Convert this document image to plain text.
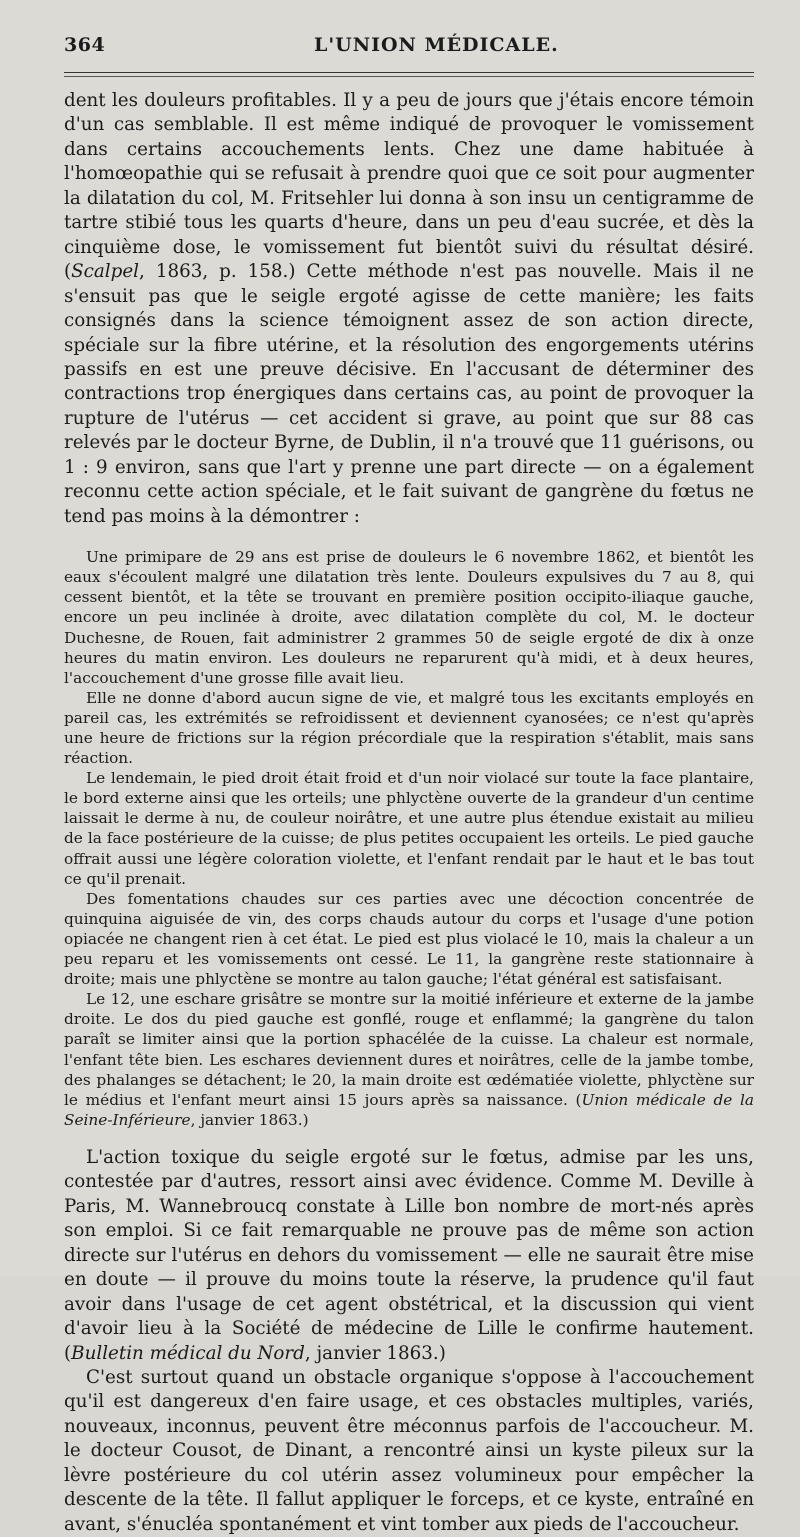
364	L'UNION MÉDICALE.

dent les douleurs profitables. Il y a peu de jours que j'étais encore témoin d'un cas semblable. Il est même indiqué de provoquer le vomissement dans certains accouchements lents. Chez une dame habituée à l'homœopathie qui se refusait à prendre quoi que ce soit pour augmenter la dilatation du col, M. Fritsehler lui donna à son insu un centigramme de tartre stibié tous les quarts d'heure, dans un peu d'eau sucrée, et dès la cinquième dose, le vomissement fut bientôt suivi du résultat désiré. (Scalpel, 1863, p. 158.) Cette méthode n'est pas nouvelle. Mais il ne s'ensuit pas que le seigle ergoté agisse de cette manière; les faits consignés dans la science témoignent assez de son action directe, spéciale sur la fibre utérine, et la résolution des engorgements utérins passifs en est une preuve décisive. En l'accusant de déterminer des contractions trop énergiques dans certains cas, au point de provoquer la rupture de l'utérus — cet accident si grave, au point que sur 88 cas relevés par le docteur Byrne, de Dublin, il n'a trouvé que 11 guérisons, ou 1 : 9 environ, sans que l'art y prenne une part directe — on a également reconnu cette action spéciale, et le fait suivant de gangrène du fœtus ne tend pas moins à la démontrer :

Une primipare de 29 ans est prise de douleurs le 6 novembre 1862, et bientôt les eaux s'écoulent malgré une dilatation très lente. Douleurs expulsives du 7 au 8, qui cessent bientôt, et la tête se trouvant en première position occipito-iliaque gauche, encore un peu inclinée à droite, avec dilatation complète du col, M. le docteur Duchesne, de Rouen, fait administrer 2 grammes 50 de seigle ergoté de dix à onze heures du matin environ. Les douleurs ne reparurent qu'à midi, et à deux heures, l'accouchement d'une grosse fille avait lieu.

Elle ne donne d'abord aucun signe de vie, et malgré tous les excitants employés en pareil cas, les extrémités se refroidissent et deviennent cyanosées; ce n'est qu'après une heure de frictions sur la région précordiale que la respiration s'établit, mais sans réaction.

Le lendemain, le pied droit était froid et d'un noir violacé sur toute la face plantaire, le bord externe ainsi que les orteils; une phlyctène ouverte de la grandeur d'un centime laissait le derme à nu, de couleur noirâtre, et une autre plus étendue existait au milieu de la face postérieure de la cuisse; de plus petites occupaient les orteils. Le pied gauche offrait aussi une légère coloration violette, et l'enfant rendait par le haut et le bas tout ce qu'il prenait.

Des fomentations chaudes sur ces parties avec une décoction concentrée de quinquina aiguisée de vin, des corps chauds autour du corps et l'usage d'une potion opiacée ne changent rien à cet état. Le pied est plus violacé le 10, mais la chaleur a un peu reparu et les vomissements ont cessé. Le 11, la gangrène reste stationnaire à droite; mais une phlyctène se montre au talon gauche; l'état général est satisfaisant.

Le 12, une eschare grisâtre se montre sur la moitié inférieure et externe de la jambe droite. Le dos du pied gauche est gonflé, rouge et enflammé; la gangrène du talon paraît se limiter ainsi que la portion sphacélée de la cuisse. La chaleur est normale, l'enfant tête bien. Les eschares deviennent dures et noirâtres, celle de la jambe tombe, des phalanges se détachent; le 20, la main droite est œdématiée violette, phlyctène sur le médius et l'enfant meurt ainsi 15 jours après sa naissance. (Union médicale de la Seine-Inférieure, janvier 1863.)

L'action toxique du seigle ergoté sur le fœtus, admise par les uns, contestée par d'autres, ressort ainsi avec évidence. Comme M. Deville à Paris, M. Wannebroucq constate à Lille bon nombre de mort-nés après son emploi. Si ce fait remarquable ne prouve pas de même son action directe sur l'utérus en dehors du vomissement — elle ne saurait être mise en doute — il prouve du moins toute la réserve, la prudence qu'il faut avoir dans l'usage de cet agent obstétrical, et la discussion qui vient d'avoir lieu à la Société de médecine de Lille le confirme hautement. (Bulletin médical du Nord, janvier 1863.)

C'est surtout quand un obstacle organique s'oppose à l'accouchement qu'il est dangereux d'en faire usage, et ces obstacles multiples, variés, nouveaux, inconnus, peuvent être méconnus parfois de l'accoucheur. M. le docteur Cousot, de Dinant, a rencontré ainsi un kyste pileux sur la lèvre postérieure du col utérin assez volumineux pour empêcher la descente de la tête. Il fallut appliquer le forceps, et ce kyste, entraîné en avant, s'énucléa spontanément et vint tomber aux pieds de l'accoucheur.
